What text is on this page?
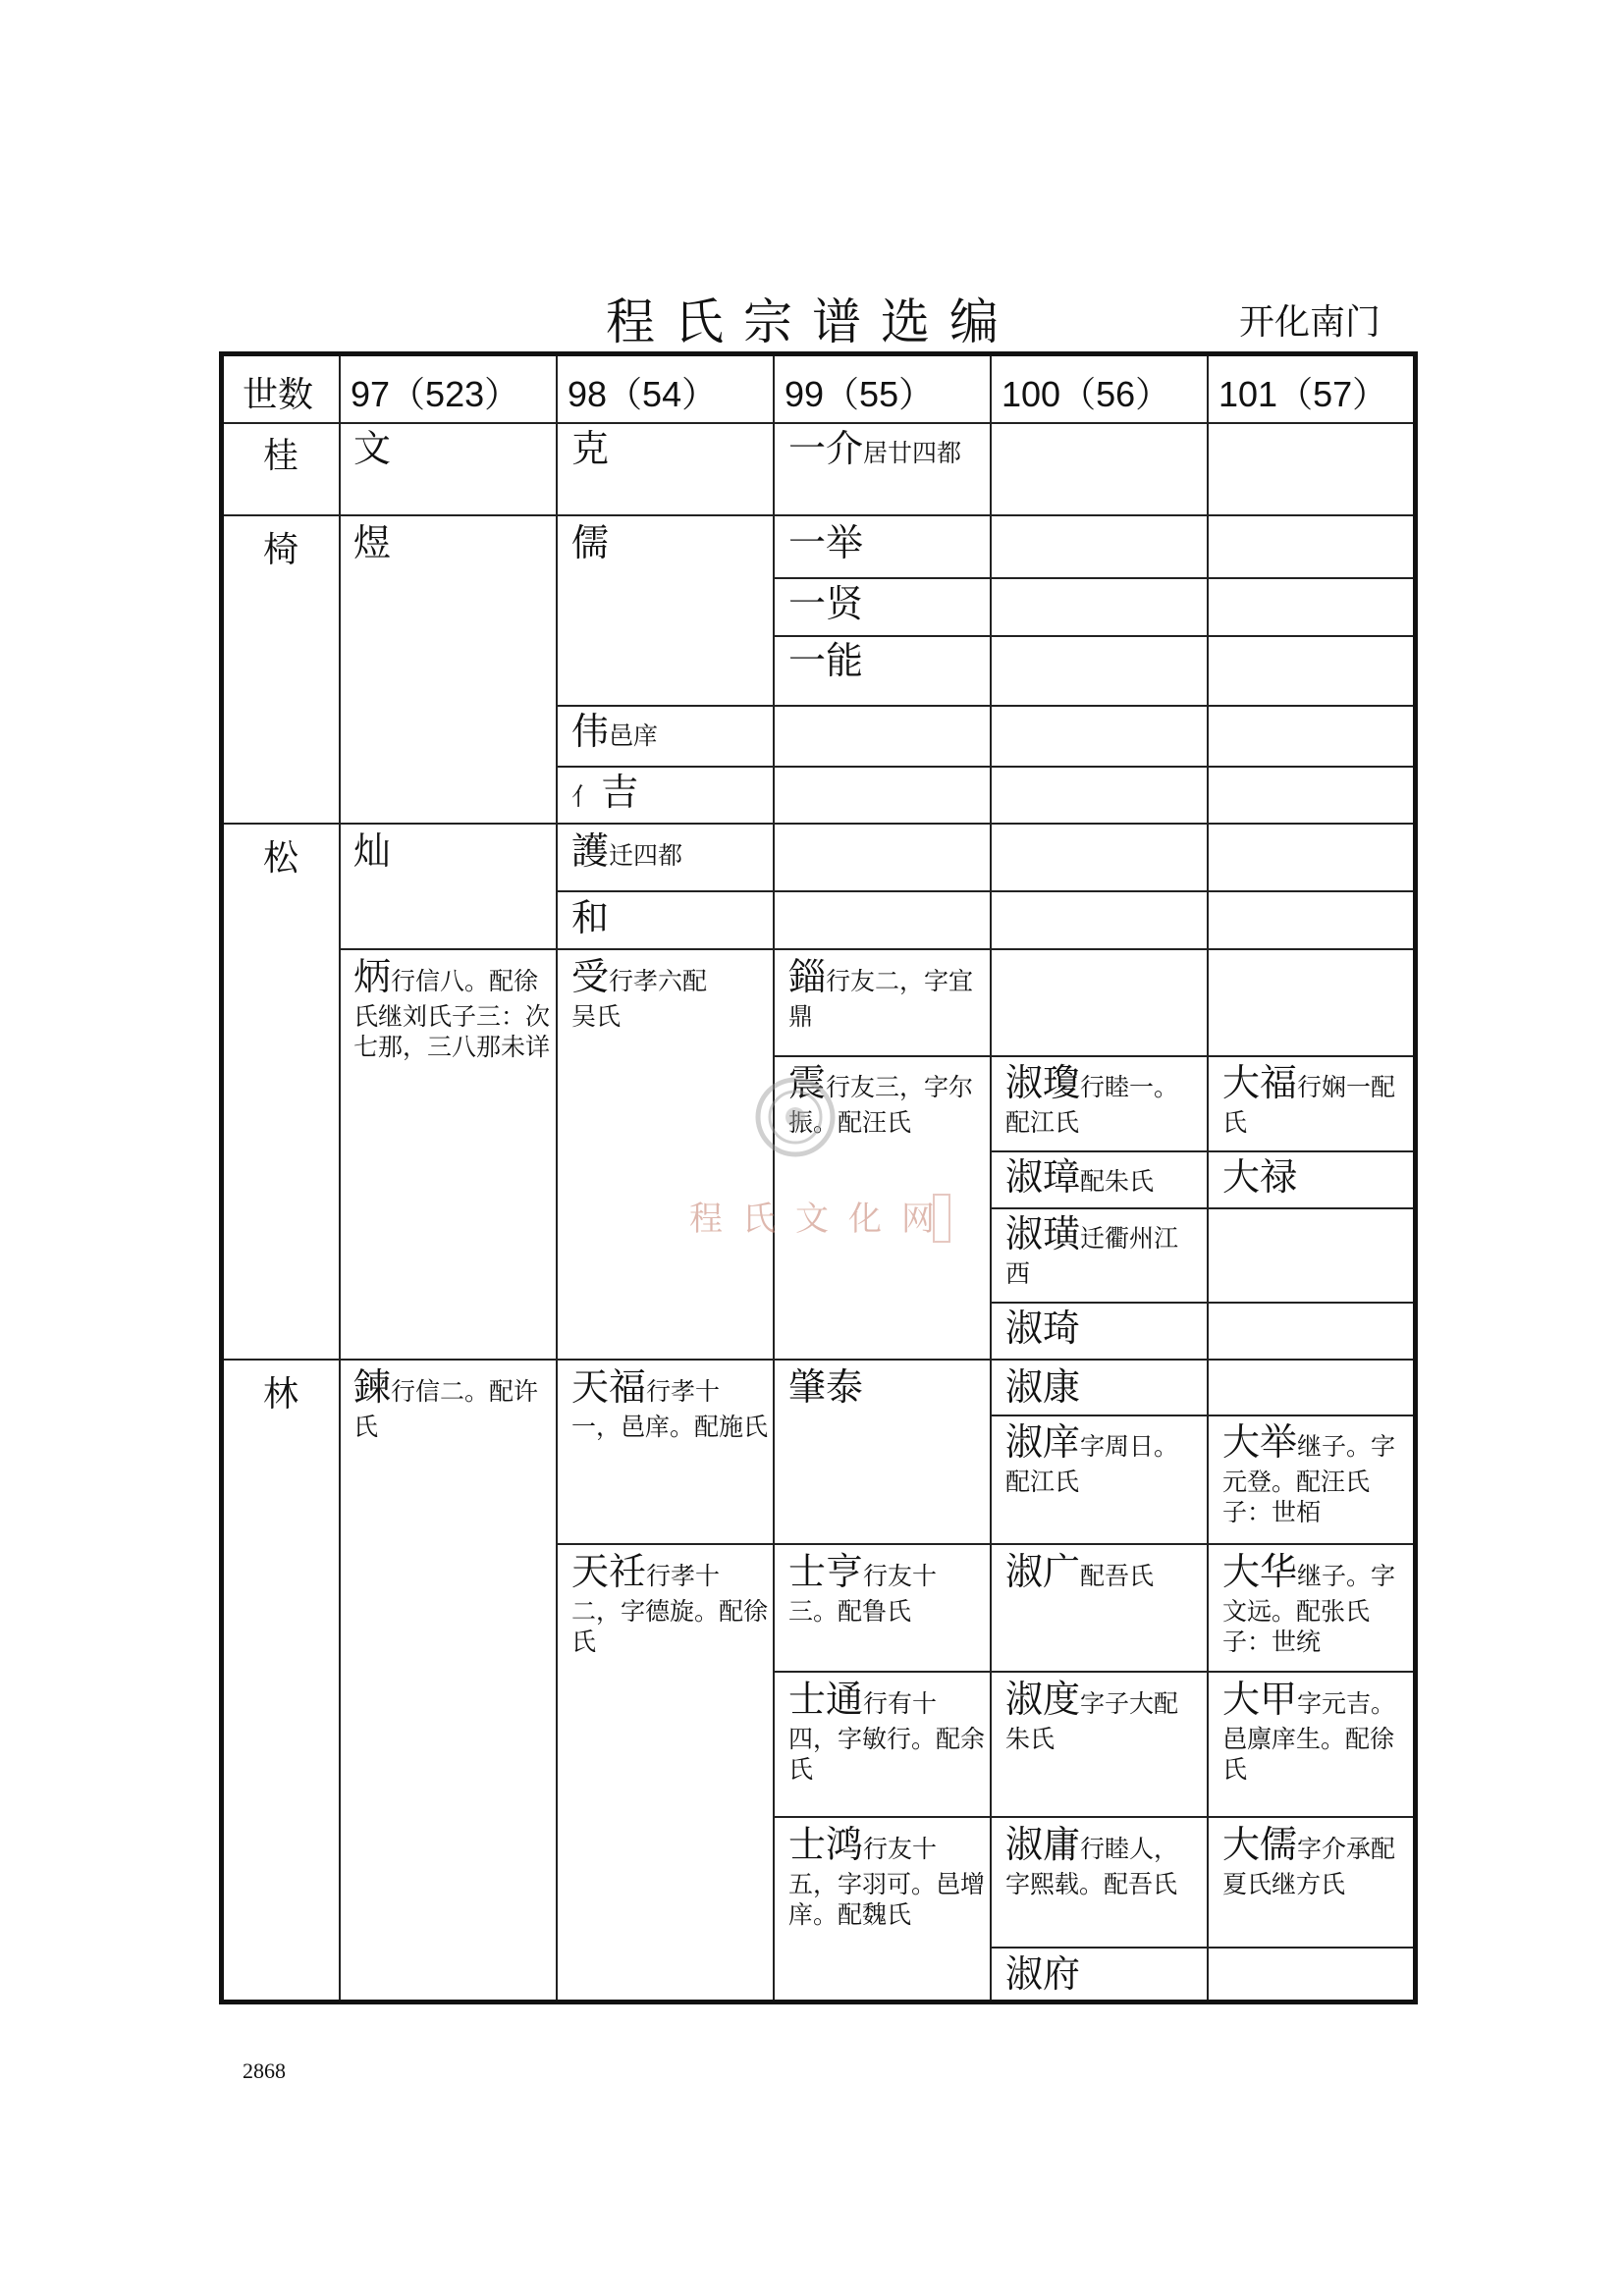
程氏宗谱选编	开化南门
世数 97（523） 98（54） 99（55） 100（56） 101（57）
桂
椅
松
林
文
煜
灿
炳行信八。配徐氏继刘氏子三：次七那，三八那未详
鍊行信二。配许氏
克
儒
伟邑庠
亻 吉
護迁四都
和
受行孝六配吴氏
天福行孝十一，邑庠。配施氏
天祍行孝十二，字德旋。配徐氏
一介居廿四都
一举
一贤
一能
錙行友二，字宜鼎
震行友三，字尔振。配汪氏
肇泰
士亨行友十三。配鲁氏
士通行有十四，字敏行。配余氏
士鸿行友十五，字羽可。邑增庠。配魏氏
淑瓊行睦一。配江氏
淑璋配朱氏
淑璜迁衢州江西
淑琦
淑康
淑庠字周日。配江氏
淑广配吾氏
淑度字子大配朱氏
淑庸行睦人，字熙载。配吾氏
淑府
大福行娴一配　氏
大禄
大举继子。字元登。配汪氏子：世栢
大华继子。字文远。配张氏子：世统
大甲字元吉。邑廪庠生。配徐氏
大儒字介承配夏氏继方氏
程氏文化网
2868
